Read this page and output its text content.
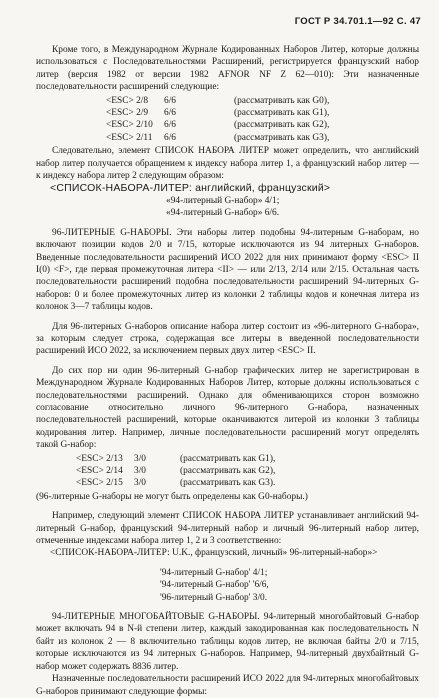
ГОСТ Р 34.701.1—92 С. 47

Кроме того, в Международном Журнале Кодированных Наборов Литер, которые должны использоваться с Последовательностями Расширений, регистрируется французский набор литер (версия 1982 от версии 1982 AFNOR NF Z 62—010): Эти назначенные последовательности расширений следующие:

<ESC> 2/8	6/6	(рассматривать как G0),
<ESC> 2/9	6/6	(рассматривать как G1),
<ESC> 2/10	6/6	(рассматривать как G2),
<ESC> 2/11	6/6	(рассматривать как G3),

Следовательно, элемент СПИСОК НАБОРА ЛИТЕР может определить, что английский набор литер получается обращением к индексу набора литер 1, а французский набор литер — к индексу набора литер 2 следующим образом:

<СПИСОК-НАБОРА-ЛИТЕР: английский, французский>

«94-литерный G-набор» 4/1;
«94-литерный G-набор» 6/6.

96-ЛИТЕРНЫЕ G-НАБОРЫ. Эти наборы литер подобны 94-литерным G-наборам, но включают позиции кодов 2/0 и 7/15, которые исключаются из 94 литерных G-наборов. Введенные последовательности расширений ИСО 2022 для них принимают форму <ESC> II I(0) <F>, где первая промежуточная литера <II> — или 2/13, 2/14 или 2/15. Остальная часть последовательности расширений подобна последовательности расширений 94-литерных G-наборов: 0 и более промежуточных литер из колонки 2 таблицы кодов и конечная литера из колонок 3—7 таблицы кодов.

Для 96-литерных G-наборов описание набора литер состоит из «96-литерного G-набора», за которым следует строка, содержащая все литеры в введенной последовательности расширений ИСО 2022, за исключением первых двух литер <ESC> II.

До сих пор ни один 96-литерный G-набор графических литер не зарегистрирован в Международном Журнале Кодированных Наборов Литер, которые должны использоваться с последовательностями расширений. Однако для обменивающихся сторон возможно согласование относительно личного 96-литерного G-набора, назначенных последовательностей расширений, которые оканчиваются литерой из колонки 3 таблицы кодирования литер. Например, личные последовательности расширений могут определять такой G-набор:

<ESC> 2/13	3/0	(рассматривать как G1),
<ESC> 2/14	3/0	(рассматривать как G2),
<ESC> 2/15	3/0	(рассматривать как G3).

(96-литерные G-наборы не могут быть определены как G0-наборы.)

Например, следующий элемент СПИСОК НАБОРА ЛИТЕР устанавливает английский 94-литерный G-набор, французский 94-литерный набор и личный 96-литерный набор литер, отмеченные индексами набора литер 1, 2 и 3 соответственно:

<СПИСОК-НАБОРА-ЛИТЕР: U.K., французский, личный» 96-литерный-набор»>

'94-литерный G-набор' 4/1;
'94-литерный G-набор' '6/6,
'96-литерный G-набор' 3/0.

94-ЛИТЕРНЫЕ МНОГОБАЙТОВЫЕ G-НАБОРЫ. 94-литерный многобайтовый G-набор может включать 94 в N-й степени литер, каждый закодированная как последовательность N байт из колонок 2 — 8 включительно таблицы кодов литер, не включая байты 2/0 и 7/15, которые исключаются из 94 литерных G-наборов. Например, 94-литерный двухбайтный G-набор может содержать 8836 литер.

Назначенные последовательности расширений ИСО 2022 для 94-литерных многобайтовых G-наборов принимают следующие формы:
